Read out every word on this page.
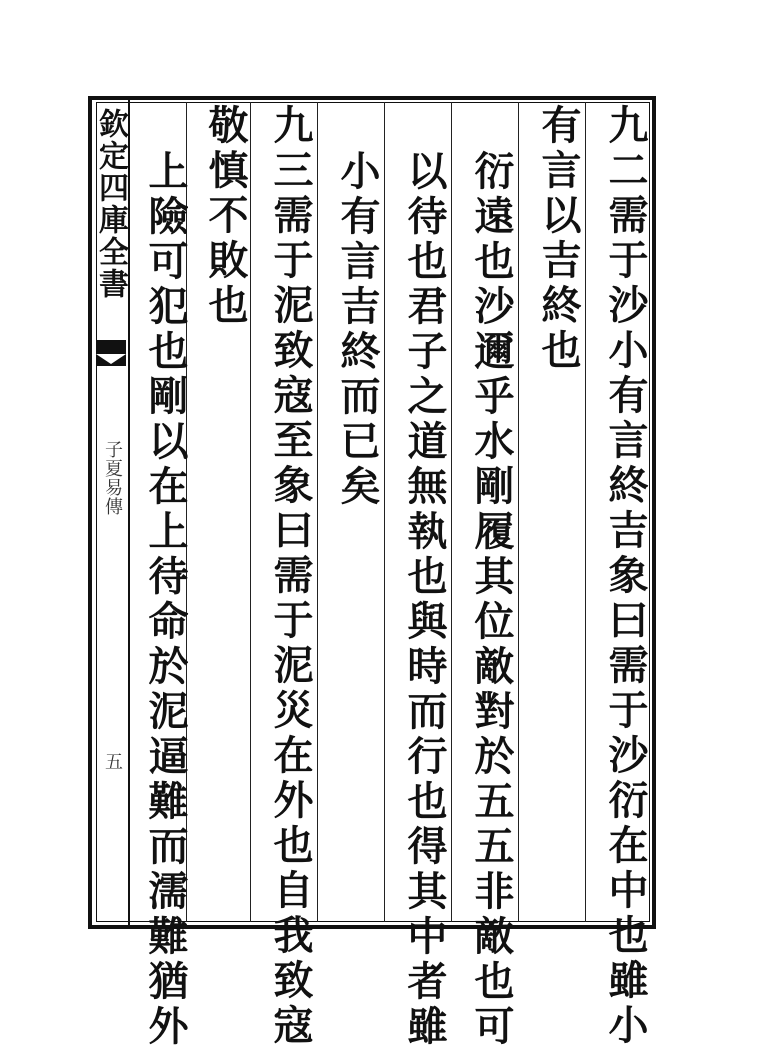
欽定四庫全書
子夏易傳
五	九二需于沙小有言終吉象曰需于沙衍在中也雖小
有言以吉終也
衍遠也沙邇乎水剛履其位敵對於五五非敵也可
以待也君子之道無執也與時而行也得其中者雖
小有言吉終而已矣
九三需于泥致寇至象曰需于泥災在外也自我致寇
敬慎不敗也
上險可犯也剛以在上待命於泥逼難而濡難猶外
